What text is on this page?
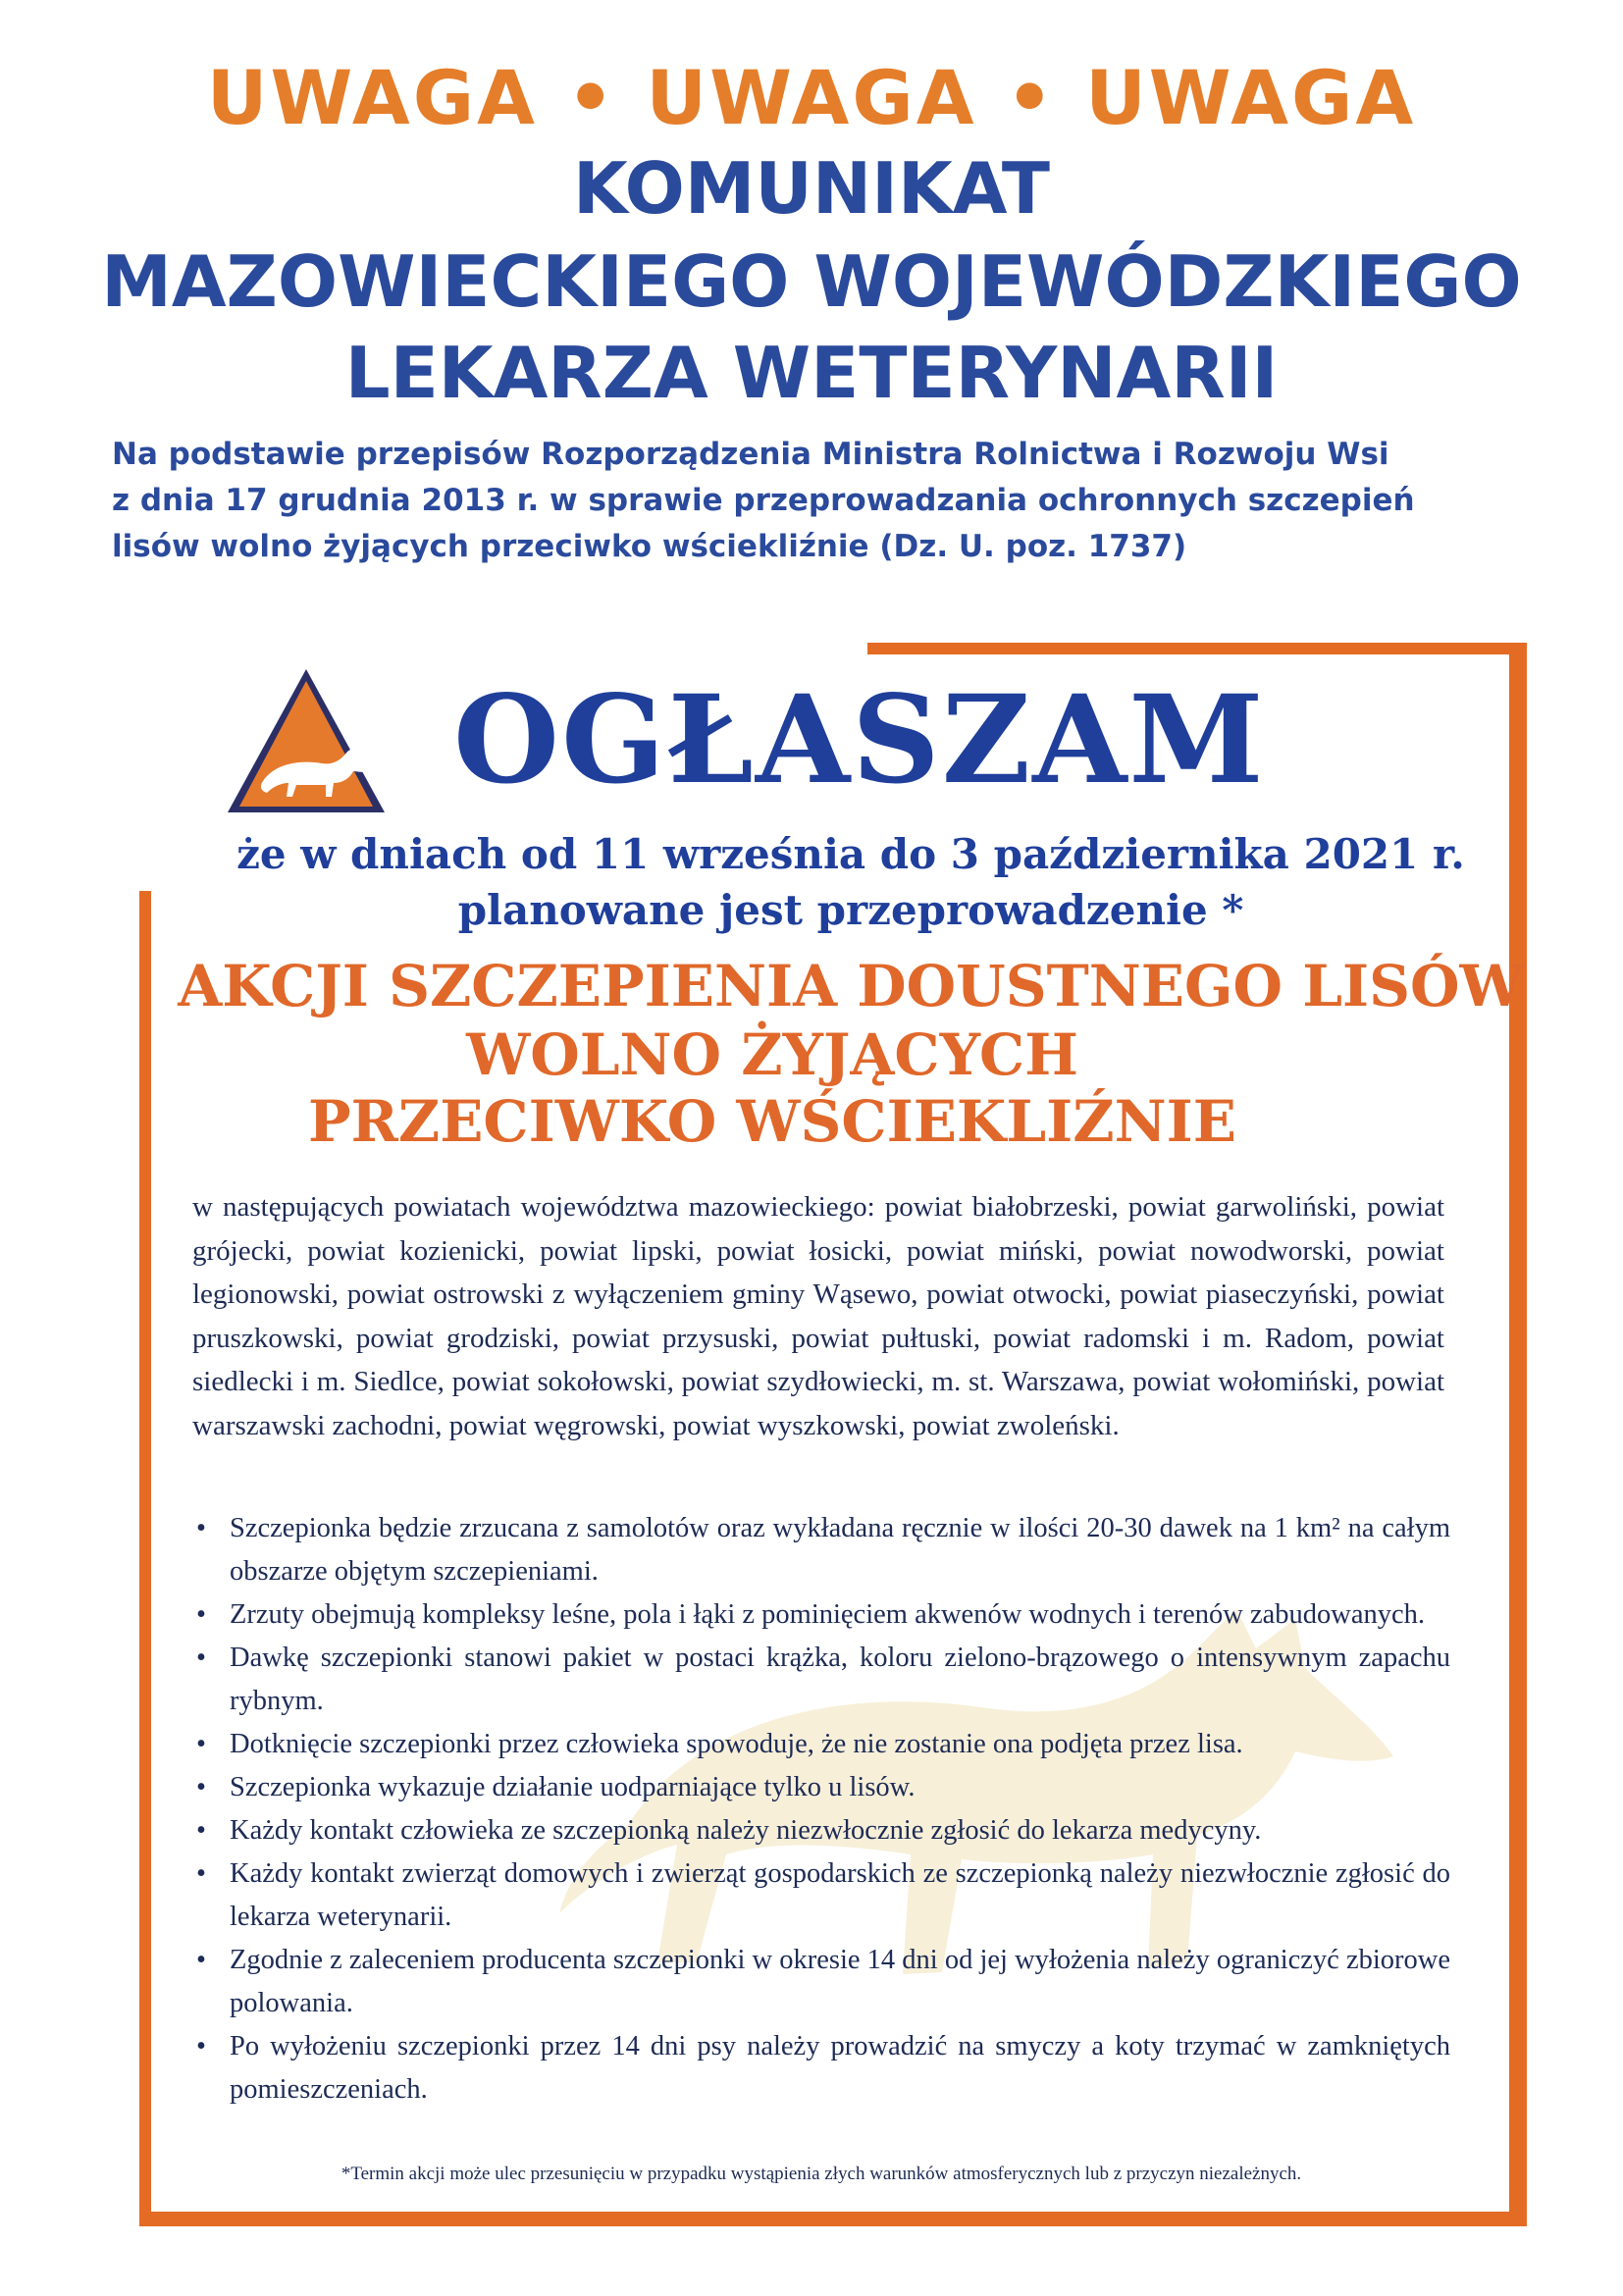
UWAGA • UWAGA • UWAGA
KOMUNIKAT
MAZOWIECKIEGO WOJEWÓDZKIEGO
LEKARZA WETERYNARII
Na podstawie przepisów Rozporządzenia Ministra Rolnictwa i Rozwoju Wsi
z dnia 17 grudnia 2013 r. w sprawie przeprowadzania ochronnych szczepień
lisów wolno żyjących przeciwko wściekliźnie (Dz. U. poz. 1737)
OGŁASZAM
że w dniach od 11 września do 3 października 2021 r.
planowane jest przeprowadzenie *
AKCJI SZCZEPIENIA DOUSTNEGO LISÓW
WOLNO ŻYJĄCYCH
PRZECIWKO WŚCIEKLIŹNIE

w następujących powiatach województwa mazowieckiego: powiat białobrzeski, powiat garwoliński, powiat grójecki, powiat kozienicki, powiat lipski, powiat łosicki, powiat miński, powiat nowodworski, powiat legionowski, powiat ostrowski z wyłączeniem gminy Wąsewo, powiat otwocki, powiat piaseczyński, powiat pruszkowski, powiat grodziski, powiat przysuski, powiat pułtuski, powiat radomski i m. Radom, powiat siedlecki i m. Siedlce, powiat sokołowski, powiat szydłowiecki, m. st. Warszawa, powiat wołomiński, powiat warszawski zachodni, powiat węgrowski, powiat wyszkowski, powiat zwoleński.

• Szczepionka będzie zrzucana z samolotów oraz wykładana ręcznie w ilości 20-30 dawek na 1 km² na całym obszarze objętym szczepieniami.
• Zrzuty obejmują kompleksy leśne, pola i łąki z pominięciem akwenów wodnych i terenów zabudowanych.
• Dawkę szczepionki stanowi pakiet w postaci krążka, koloru zielono-brązowego o intensywnym zapachu rybnym.
• Dotknięcie szczepionki przez człowieka spowoduje, że nie zostanie ona podjęta przez lisa.
• Szczepionka wykazuje działanie uodparniające tylko u lisów.
• Każdy kontakt człowieka ze szczepionką należy niezwłocznie zgłosić do lekarza medycyny.
• Każdy kontakt zwierząt domowych i zwierząt gospodarskich ze szczepionką należy niezwłocznie zgłosić do lekarza weterynarii.
• Zgodnie z zaleceniem producenta szczepionki w okresie 14 dni od jej wyłożenia należy ograniczyć zbiorowe polowania.
• Po wyłożeniu szczepionki przez 14 dni psy należy prowadzić na smyczy a koty trzymać w zamkniętych pomieszczeniach.

*Termin akcji może ulec przesunięciu w przypadku wystąpienia złych warunków atmosferycznych lub z przyczyn niezależnych.
